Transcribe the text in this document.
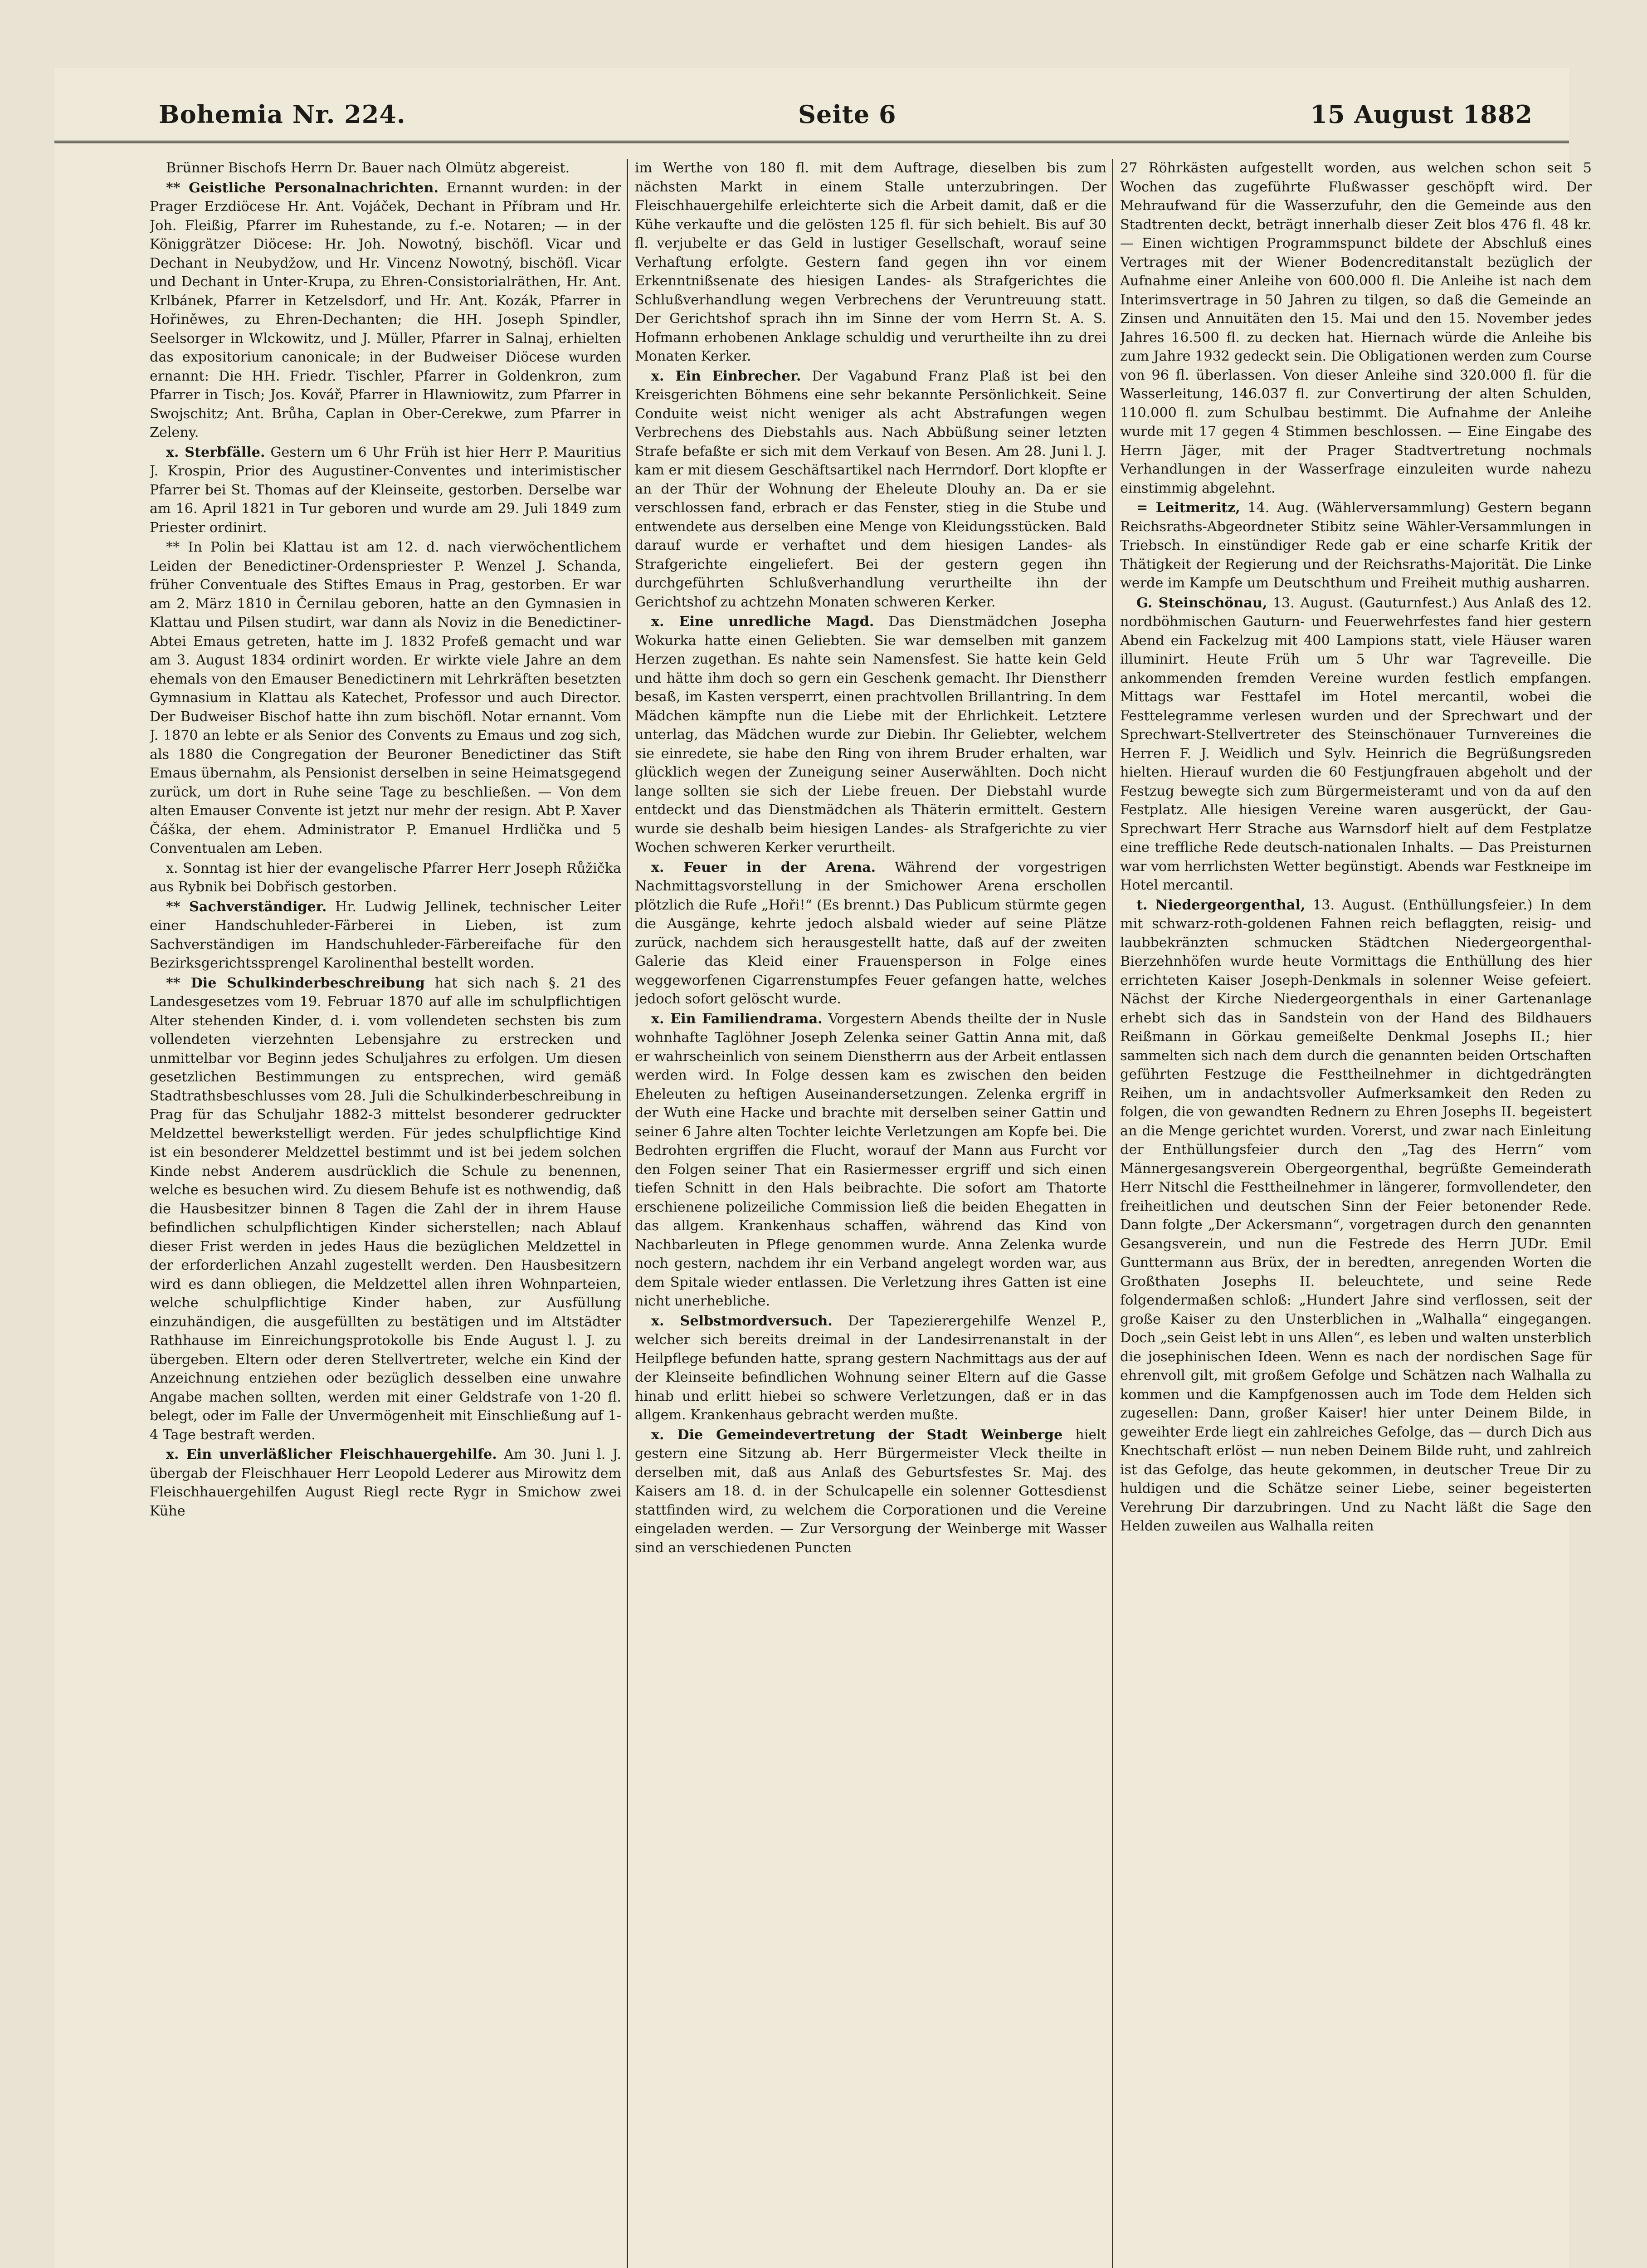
Bohemia Nr. 224.	Seite 6	15 August 1882

Brünner Bischofs Herrn Dr. Bauer nach Olmütz abgereist.

** Geistliche Personalnachrichten. Ernannt wurden: in der Prager Erzdiöcese Hr. Ant. Vojáček, Dechant in Příbram und Hr. Joh. Fleißig, Pfarrer im Ruhestande, zu f.-e. Notaren; — in der Königgrätzer Diöcese: Hr. Joh. Nowotný, bischöfl. Vicar und Dechant in Neubydžow, und Hr. Vincenz Nowotný, bischöfl. Vicar und Dechant in Unter-Krupa, zu Ehren-Consistorialräthen, Hr. Ant. Krlbánek, Pfarrer in Ketzelsdorf, und Hr. Ant. Kozák, Pfarrer in Hořiněwes, zu Ehren-Dechanten; die HH. Joseph Spindler, Seelsorger in Wlckowitz, und J. Müller, Pfarrer in Salnaj, erhielten das expositorium canonicale; in der Budweiser Diöcese wurden ernannt: Die HH. Friedr. Tischler, Pfarrer in Goldenkron, zum Pfarrer in Tisch; Jos. Kovář, Pfarrer in Hlawniowitz, zum Pfarrer in Swojschitz; Ant. Brůha, Caplan in Ober-Cerekwe, zum Pfarrer in Zeleny.

x. Sterbfälle. Gestern um 6 Uhr Früh ist hier Herr P. Mauritius J. Krospin, Prior des Augustiner-Conventes und interimistischer Pfarrer bei St. Thomas auf der Kleinseite, gestorben. Derselbe war am 16. April 1821 in Tur geboren und wurde am 29. Juli 1849 zum Priester ordinirt.

** In Polin bei Klattau ist am 12. d. nach vierwöchentlichem Leiden der Benedictiner-Ordenspriester P. Wenzel J. Schanda, früher Conventuale des Stiftes Emaus in Prag, gestorben. Er war am 2. März 1810 in Černilau geboren, hatte an den Gymnasien in Klattau und Pilsen studirt, war dann als Noviz in die Benedictiner-Abtei Emaus getreten, hatte im J. 1832 Profeß gemacht und war am 3. August 1834 ordinirt worden. Er wirkte viele Jahre an dem ehemals von den Emauser Benedictinern mit Lehrkräften besetzten Gymnasium in Klattau als Katechet, Professor und auch Director. Der Budweiser Bischof hatte ihn zum bischöfl. Notar ernannt. Vom J. 1870 an lebte er als Senior des Convents zu Emaus und zog sich, als 1880 die Congregation der Beuroner Benedictiner das Stift Emaus übernahm, als Pensionist derselben in seine Heimatsgegend zurück, um dort in Ruhe seine Tage zu beschließen. — Von dem alten Emauser Convente ist jetzt nur mehr der resign. Abt P. Xaver Čáška, der ehem. Administrator P. Emanuel Hrdlička und 5 Conventualen am Leben.

x. Sonntag ist hier der evangelische Pfarrer Herr Joseph Růžička aus Rybnik bei Dobřisch gestorben.

** Sachverständiger. Hr. Ludwig Jellinek, technischer Leiter einer Handschuhleder-Färberei in Lieben, ist zum Sachverständigen im Handschuhleder-Färbereifache für den Bezirksgerichtssprengel Karolinenthal bestellt worden.

** Die Schulkinderbeschreibung hat sich nach §. 21 des Landesgesetzes vom 19. Februar 1870 auf alle im schulpflichtigen Alter stehenden Kinder, d. i. vom vollendeten sechsten bis zum vollendeten vierzehnten Lebensjahre zu erstrecken und unmittelbar vor Beginn jedes Schuljahres zu erfolgen. Um diesen gesetzlichen Bestimmungen zu entsprechen, wird gemäß Stadtrathsbeschlusses vom 28. Juli die Schulkinderbeschreibung in Prag für das Schuljahr 1882-3 mittelst besonderer gedruckter Meldzettel bewerkstelligt werden. Für jedes schulpflichtige Kind ist ein besonderer Meldzettel bestimmt und ist bei jedem solchen Kinde nebst Anderem ausdrücklich die Schule zu benennen, welche es besuchen wird. Zu diesem Behufe ist es nothwendig, daß die Hausbesitzer binnen 8 Tagen die Zahl der in ihrem Hause befindlichen schulpflichtigen Kinder sicherstellen; nach Ablauf dieser Frist werden in jedes Haus die bezüglichen Meldzettel in der erforderlichen Anzahl zugestellt werden. Den Hausbesitzern wird es dann obliegen, die Meldzettel allen ihren Wohnparteien, welche schulpflichtige Kinder haben, zur Ausfüllung einzuhändigen, die ausgefüllten zu bestätigen und im Altstädter Rathhause im Einreichungsprotokolle bis Ende August l. J. zu übergeben. Eltern oder deren Stellvertreter, welche ein Kind der Anzeichnung entziehen oder bezüglich desselben eine unwahre Angabe machen sollten, werden mit einer Geldstrafe von 1-20 fl. belegt, oder im Falle der Unvermögenheit mit Einschließung auf 1-4 Tage bestraft werden.

x. Ein unverläßlicher Fleischhauergehilfe. Am 30. Juni l. J. übergab der Fleischhauer Herr Leopold Lederer aus Mirowitz dem Fleischhauergehilfen August Riegl recte Rygr in Smichow zwei Kühe

im Werthe von 180 fl. mit dem Auftrage, dieselben bis zum nächsten Markt in einem Stalle unterzubringen. Der Fleischhauergehilfe erleichterte sich die Arbeit damit, daß er die Kühe verkaufte und die gelösten 125 fl. für sich behielt. Bis auf 30 fl. verjubelte er das Geld in lustiger Gesellschaft, worauf seine Verhaftung erfolgte. Gestern fand gegen ihn vor einem Erkenntnißsenate des hiesigen Landes- als Strafgerichtes die Schlußverhandlung wegen Verbrechens der Veruntreuung statt. Der Gerichtshof sprach ihn im Sinne der vom Herrn St. A. S. Hofmann erhobenen Anklage schuldig und verurtheilte ihn zu drei Monaten Kerker.

x. Ein Einbrecher. Der Vagabund Franz Plaß ist bei den Kreisgerichten Böhmens eine sehr bekannte Persönlichkeit. Seine Conduite weist nicht weniger als acht Abstrafungen wegen Verbrechens des Diebstahls aus. Nach Abbüßung seiner letzten Strafe befaßte er sich mit dem Verkauf von Besen. Am 28. Juni l. J. kam er mit diesem Geschäftsartikel nach Herrndorf. Dort klopfte er an der Thür der Wohnung der Eheleute Dlouhy an. Da er sie verschlossen fand, erbrach er das Fenster, stieg in die Stube und entwendete aus derselben eine Menge von Kleidungsstücken. Bald darauf wurde er verhaftet und dem hiesigen Landes- als Strafgerichte eingeliefert. Bei der gestern gegen ihn durchgeführten Schlußverhandlung verurtheilte ihn der Gerichtshof zu achtzehn Monaten schweren Kerker.

x. Eine unredliche Magd. Das Dienstmädchen Josepha Wokurka hatte einen Geliebten. Sie war demselben mit ganzem Herzen zugethan. Es nahte sein Namensfest. Sie hatte kein Geld und hätte ihm doch so gern ein Geschenk gemacht. Ihr Dienstherr besaß, im Kasten versperrt, einen prachtvollen Brillantring. In dem Mädchen kämpfte nun die Liebe mit der Ehrlichkeit. Letztere unterlag, das Mädchen wurde zur Diebin. Ihr Geliebter, welchem sie einredete, sie habe den Ring von ihrem Bruder erhalten, war glücklich wegen der Zuneigung seiner Auserwählten. Doch nicht lange sollten sie sich der Liebe freuen. Der Diebstahl wurde entdeckt und das Dienstmädchen als Thäterin ermittelt. Gestern wurde sie deshalb beim hiesigen Landes- als Strafgerichte zu vier Wochen schweren Kerker verurtheilt.

x. Feuer in der Arena. Während der vorgestrigen Nachmittagsvorstellung in der Smichower Arena erschollen plötzlich die Rufe „Hoři!“ (Es brennt.) Das Publicum stürmte gegen die Ausgänge, kehrte jedoch alsbald wieder auf seine Plätze zurück, nachdem sich herausgestellt hatte, daß auf der zweiten Galerie das Kleid einer Frauensperson in Folge eines weggeworfenen Cigarrenstumpfes Feuer gefangen hatte, welches jedoch sofort gelöscht wurde.

x. Ein Familiendrama. Vorgestern Abends theilte der in Nusle wohnhafte Taglöhner Joseph Zelenka seiner Gattin Anna mit, daß er wahrscheinlich von seinem Dienstherrn aus der Arbeit entlassen werden wird. In Folge dessen kam es zwischen den beiden Eheleuten zu heftigen Auseinandersetzungen. Zelenka ergriff in der Wuth eine Hacke und brachte mit derselben seiner Gattin und seiner 6 Jahre alten Tochter leichte Verletzungen am Kopfe bei. Die Bedrohten ergriffen die Flucht, worauf der Mann aus Furcht vor den Folgen seiner That ein Rasiermesser ergriff und sich einen tiefen Schnitt in den Hals beibrachte. Die sofort am Thatorte erschienene polizeiliche Commission ließ die beiden Ehegatten in das allgem. Krankenhaus schaffen, während das Kind von Nachbarleuten in Pflege genommen wurde. Anna Zelenka wurde noch gestern, nachdem ihr ein Verband angelegt worden war, aus dem Spitale wieder entlassen. Die Verletzung ihres Gatten ist eine nicht unerhebliche.

x. Selbstmordversuch. Der Tapezierergehilfe Wenzel P., welcher sich bereits dreimal in der Landesirrenanstalt in der Heilpflege befunden hatte, sprang gestern Nachmittags aus der auf der Kleinseite befindlichen Wohnung seiner Eltern auf die Gasse hinab und erlitt hiebei so schwere Verletzungen, daß er in das allgem. Krankenhaus gebracht werden mußte.

x. Die Gemeindevertretung der Stadt Weinberge hielt gestern eine Sitzung ab. Herr Bürgermeister Vleck theilte in derselben mit, daß aus Anlaß des Geburtsfestes Sr. Maj. des Kaisers am 18. d. in der Schulcapelle ein solenner Gottesdienst stattfinden wird, zu welchem die Corporationen und die Vereine eingeladen werden. — Zur Versorgung der Weinberge mit Wasser sind an verschiedenen Puncten

27 Röhrkästen aufgestellt worden, aus welchen schon seit 5 Wochen das zugeführte Flußwasser geschöpft wird. Der Mehraufwand für die Wasserzufuhr, den die Gemeinde aus den Stadtrenten deckt, beträgt innerhalb dieser Zeit blos 476 fl. 48 kr. — Einen wichtigen Programmspunct bildete der Abschluß eines Vertrages mit der Wiener Bodencreditanstalt bezüglich der Aufnahme einer Anleihe von 600.000 fl. Die Anleihe ist nach dem Interimsvertrage in 50 Jahren zu tilgen, so daß die Gemeinde an Zinsen und Annuitäten den 15. Mai und den 15. November jedes Jahres 16.500 fl. zu decken hat. Hiernach würde die Anleihe bis zum Jahre 1932 gedeckt sein. Die Obligationen werden zum Course von 96 fl. überlassen. Von dieser Anleihe sind 320.000 fl. für die Wasserleitung, 146.037 fl. zur Convertirung der alten Schulden, 110.000 fl. zum Schulbau bestimmt. Die Aufnahme der Anleihe wurde mit 17 gegen 4 Stimmen beschlossen. — Eine Eingabe des Herrn Jäger, mit der Prager Stadtvertretung nochmals Verhandlungen in der Wasserfrage einzuleiten wurde nahezu einstimmig abgelehnt.

= Leitmeritz, 14. Aug. (Wählerversammlung) Gestern begann Reichsraths-Abgeordneter Stibitz seine Wähler-Versammlungen in Triebsch. In einstündiger Rede gab er eine scharfe Kritik der Thätigkeit der Regierung und der Reichsraths-Majorität. Die Linke werde im Kampfe um Deutschthum und Freiheit muthig ausharren.

G. Steinschönau, 13. August. (Gauturnfest.) Aus Anlaß des 12. nordböhmischen Gauturn- und Feuerwehrfestes fand hier gestern Abend ein Fackelzug mit 400 Lampions statt, viele Häuser waren illuminirt. Heute Früh um 5 Uhr war Tagreveille. Die ankommenden fremden Vereine wurden festlich empfangen. Mittags war Festtafel im Hotel mercantil, wobei die Festtelegramme verlesen wurden und der Sprechwart und der Sprechwart-Stellvertreter des Steinschönauer Turnvereines die Herren F. J. Weidlich und Sylv. Heinrich die Begrüßungsreden hielten. Hierauf wurden die 60 Festjungfrauen abgeholt und der Festzug bewegte sich zum Bürgermeisteramt und von da auf den Festplatz. Alle hiesigen Vereine waren ausgerückt, der Gau-Sprechwart Herr Strache aus Warnsdorf hielt auf dem Festplatze eine treffliche Rede deutsch-nationalen Inhalts. — Das Preisturnen war vom herrlichsten Wetter begünstigt. Abends war Festkneipe im Hotel mercantil.

t. Niedergeorgenthal, 13. August. (Enthüllungsfeier.) In dem mit schwarz-roth-goldenen Fahnen reich beflaggten, reisig- und laubbekränzten schmucken Städtchen Niedergeorgenthal-Bierzehnhöfen wurde heute Vormittags die Enthüllung des hier errichteten Kaiser Joseph-Denkmals in solenner Weise gefeiert. Nächst der Kirche Niedergeorgenthals in einer Gartenanlage erhebt sich das in Sandstein von der Hand des Bildhauers Reißmann in Görkau gemeißelte Denkmal Josephs II.; hier sammelten sich nach dem durch die genannten beiden Ortschaften geführten Festzuge die Festtheilnehmer in dichtgedrängten Reihen, um in andachtsvoller Aufmerksamkeit den Reden zu folgen, die von gewandten Rednern zu Ehren Josephs II. begeistert an die Menge gerichtet wurden. Vorerst, und zwar nach Einleitung der Enthüllungsfeier durch den „Tag des Herrn“ vom Männergesangsverein Obergeorgenthal, begrüßte Gemeinderath Herr Nitschl die Festtheilnehmer in längerer, formvollendeter, den freiheitlichen und deutschen Sinn der Feier betonender Rede. Dann folgte „Der Ackersmann“, vorgetragen durch den genannten Gesangsverein, und nun die Festrede des Herrn JUDr. Emil Gunttermann aus Brüx, der in beredten, anregenden Worten die Großthaten Josephs II. beleuchtete, und seine Rede folgendermaßen schloß: „Hundert Jahre sind verflossen, seit der große Kaiser zu den Unsterblichen in „Walhalla“ eingegangen. Doch „sein Geist lebt in uns Allen“, es leben und walten unsterblich die josephinischen Ideen. Wenn es nach der nordischen Sage für ehrenvoll gilt, mit großem Gefolge und Schätzen nach Walhalla zu kommen und die Kampfgenossen auch im Tode dem Helden sich zugesellen: Dann, großer Kaiser! hier unter Deinem Bilde, in geweihter Erde liegt ein zahlreiches Gefolge, das — durch Dich aus Knechtschaft erlöst — nun neben Deinem Bilde ruht, und zahlreich ist das Gefolge, das heute gekommen, in deutscher Treue Dir zu huldigen und die Schätze seiner Liebe, seiner begeisterten Verehrung Dir darzubringen. Und zu Nacht läßt die Sage den Helden zuweilen aus Walhalla reiten
